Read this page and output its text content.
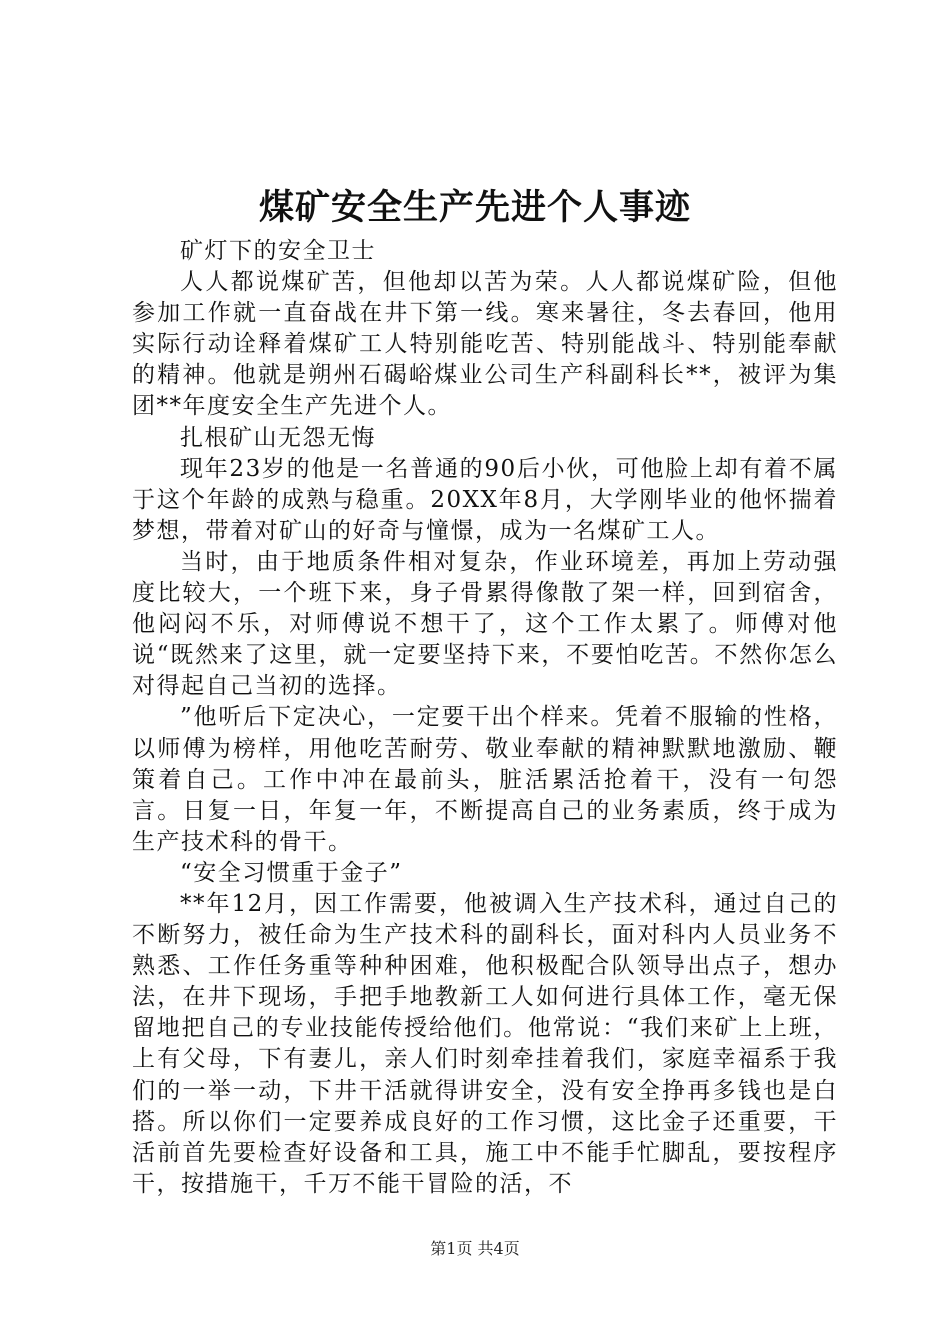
煤矿安全生产先进个人事迹

矿灯下的安全卫士

人人都说煤矿苦，但他却以苦为荣。人人都说煤矿险，但他参加工作就一直奋战在井下第一线。寒来暑往，冬去春回，他用实际行动诠释着煤矿工人特别能吃苦、特别能战斗、特别能奉献的精神。他就是朔州石碣峪煤业公司生产科副科长**，被评为集团**年度安全生产先进个人。

扎根矿山无怨无悔

现年23岁的他是一名普通的90后小伙，可他脸上却有着不属于这个年龄的成熟与稳重。20XX年8月，大学刚毕业的他怀揣着梦想，带着对矿山的好奇与憧憬，成为一名煤矿工人。

当时，由于地质条件相对复杂，作业环境差，再加上劳动强度比较大，一个班下来，身子骨累得像散了架一样，回到宿舍，他闷闷不乐，对师傅说不想干了，这个工作太累了。师傅对他说“既然来了这里，就一定要坚持下来，不要怕吃苦。不然你怎么对得起自己当初的选择。

”他听后下定决心，一定要干出个样来。凭着不服输的性格，以师傅为榜样，用他吃苦耐劳、敬业奉献的精神默默地激励、鞭策着自己。工作中冲在最前头，脏活累活抢着干，没有一句怨言。日复一日，年复一年，不断提高自己的业务素质，终于成为生产技术科的骨干。

“安全习惯重于金子”

**年12月，因工作需要，他被调入生产技术科，通过自己的不断努力，被任命为生产技术科的副科长，面对科内人员业务不熟悉、工作任务重等种种困难，他积极配合队领导出点子，想办法，在井下现场，手把手地教新工人如何进行具体工作，毫无保留地把自己的专业技能传授给他们。他常说：“我们来矿上上班，上有父母，下有妻儿，亲人们时刻牵挂着我们，家庭幸福系于我们的一举一动，下井干活就得讲安全，没有安全挣再多钱也是白搭。所以你们一定要养成良好的工作习惯，这比金子还重要，干活前首先要检查好设备和工具，施工中不能手忙脚乱，要按程序干，按措施干，千万不能干冒险的活，不

第1页 共4页
